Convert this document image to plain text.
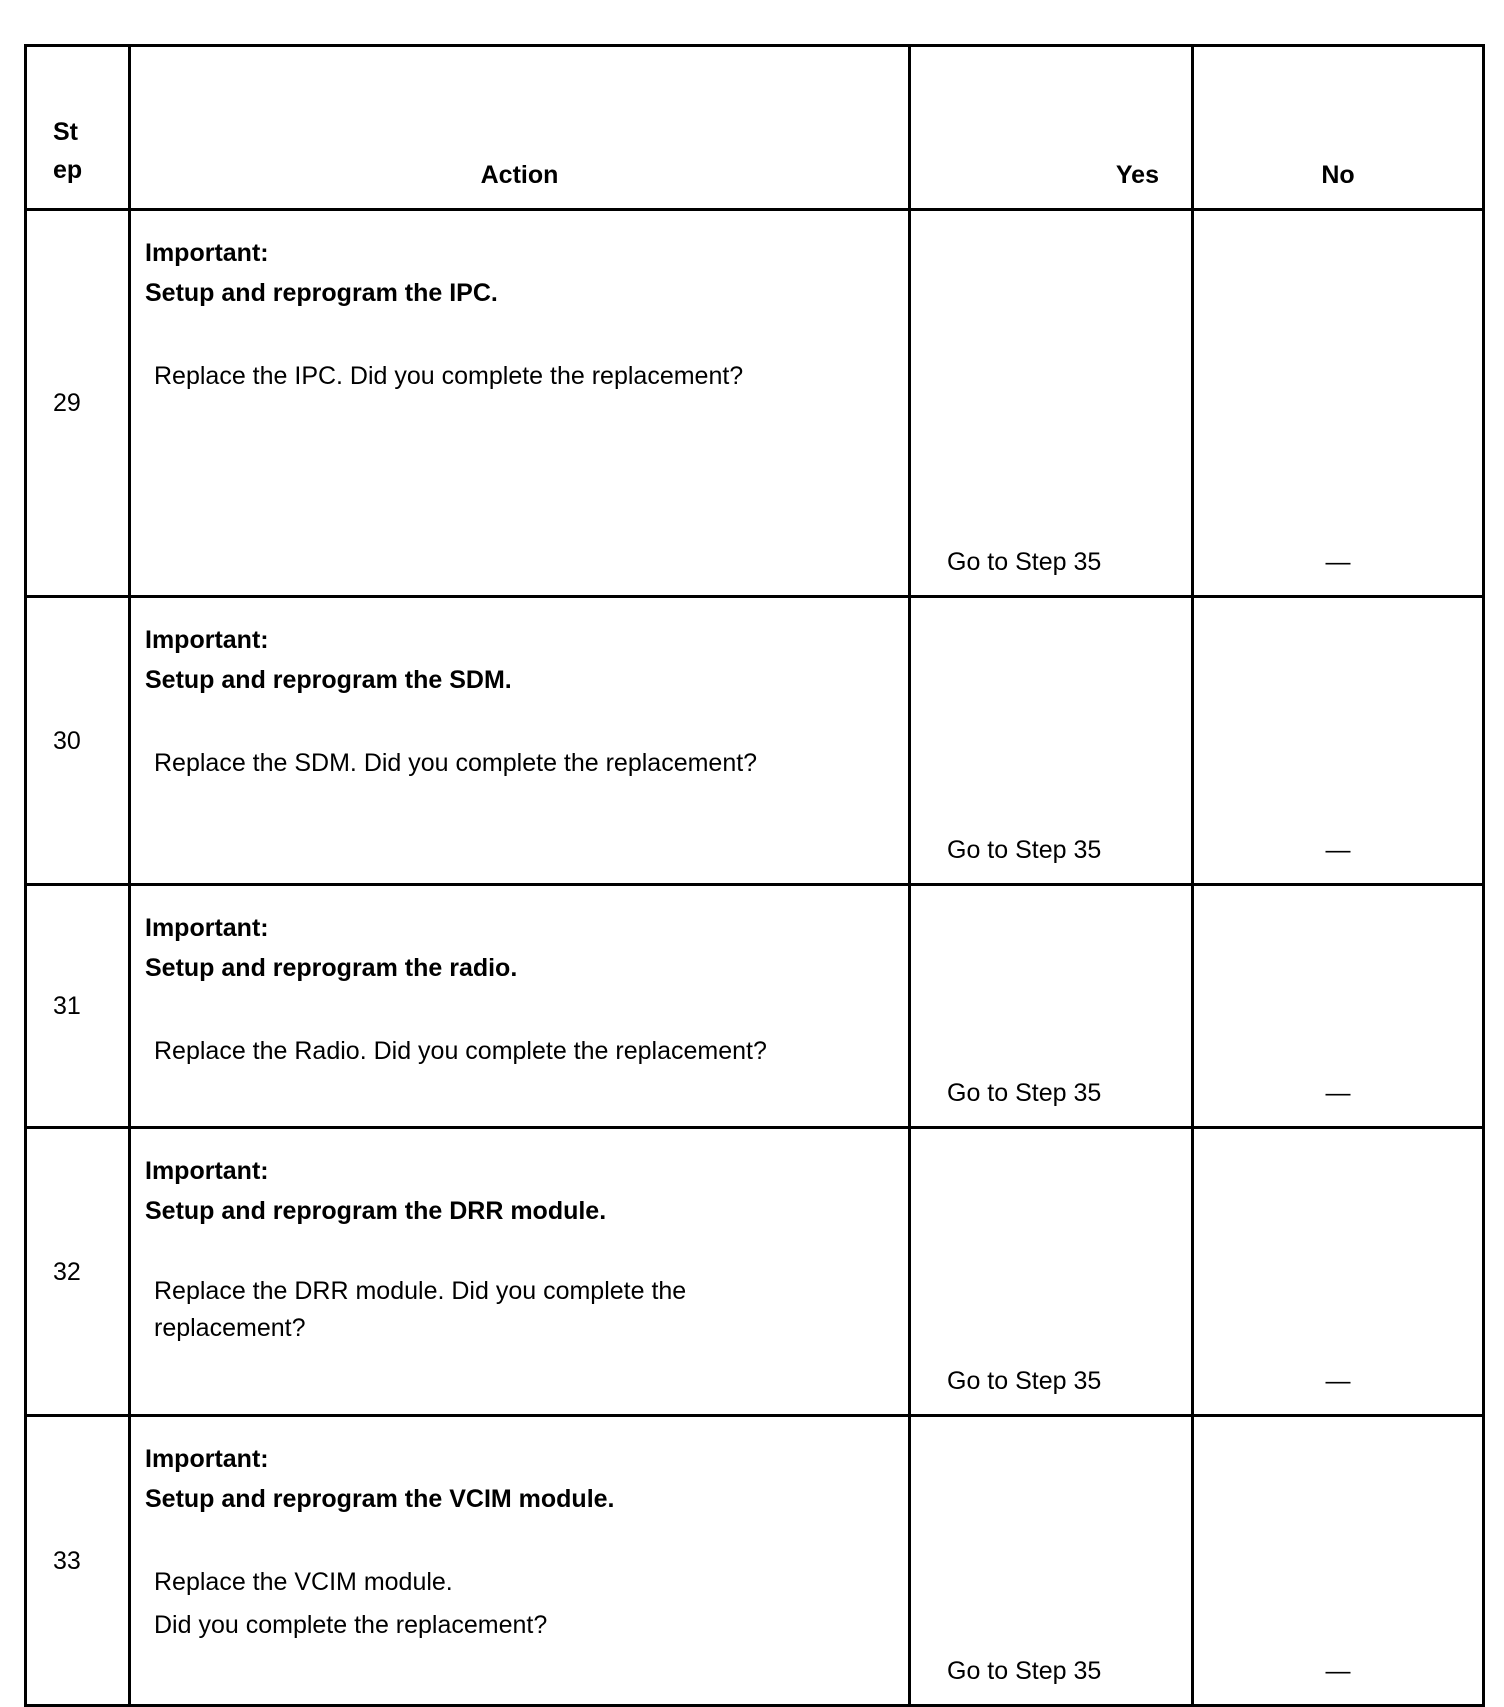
St
ep	Action	Yes	No
29	Important:
Setup and reprogram the IPC.
Replace the IPC. Did you complete the replacement?	Go to Step 35	—
30	Important:
Setup and reprogram the SDM.
Replace the SDM. Did you complete the replacement?	Go to Step 35	—
31	Important:
Setup and reprogram the radio.
Replace the Radio. Did you complete the replacement?	Go to Step 35	—
32	Important:
Setup and reprogram the DRR module.
Replace the DRR module. Did you complete the replacement?	Go to Step 35	—
33	Important:
Setup and reprogram the VCIM module.
Replace the VCIM module.
Did you complete the replacement?	Go to Step 35	—
